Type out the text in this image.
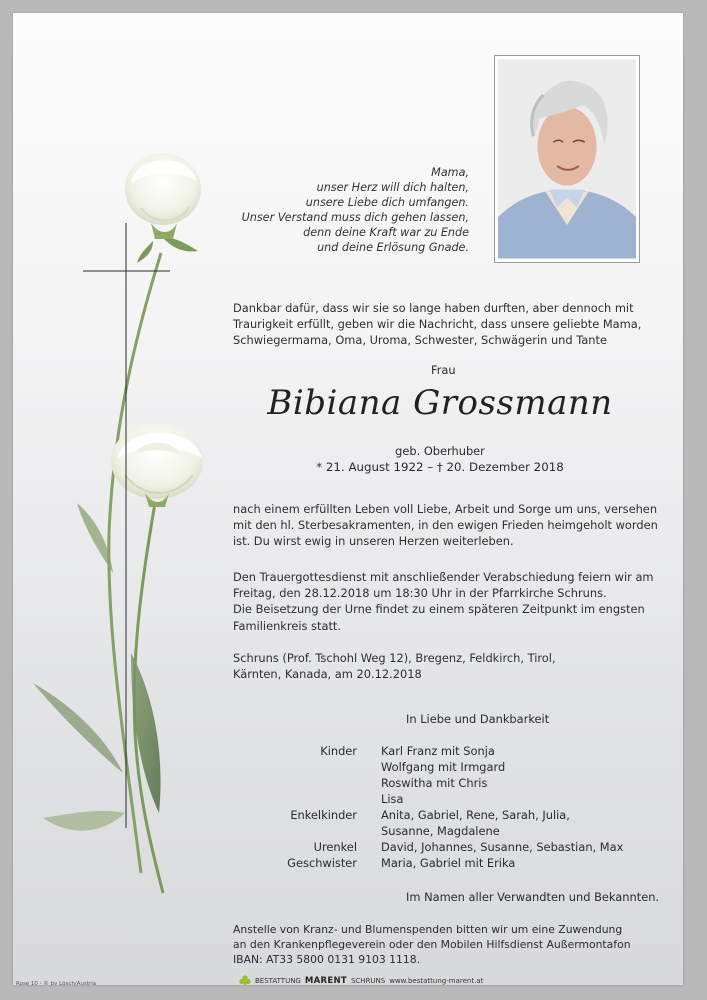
Mama,
unser Herz will dich halten,
unsere Liebe dich umfangen.
Unser Verstand muss dich gehen lassen,
denn deine Kraft war zu Ende
und deine Erlösung Gnade.
Dankbar dafür, dass wir sie so lange haben durften, aber dennoch mit
Traurigkeit erfüllt, geben wir die Nachricht, dass unsere geliebte Mama,
Schwiegermama, Oma, Uroma, Schwester, Schwägerin und Tante
Frau
Bibiana Grossmann
geb. Oberhuber
* 21. August 1922 – † 20. Dezember 2018
nach einem erfüllten Leben voll Liebe, Arbeit und Sorge um uns, versehen
mit den hl. Sterbesakramenten, in den ewigen Frieden heimgeholt worden
ist. Du wirst ewig in unseren Herzen weiterleben.
Den Trauergottesdienst mit anschließender Verabschiedung feiern wir am
Freitag, den 28.12.2018 um 18:30 Uhr in der Pfarrkirche Schruns.
Die Beisetzung der Urne findet zu einem späteren Zeitpunkt im engsten
Familienkreis statt.
Schruns (Prof. Tschohl Weg 12), Bregenz, Feldkirch, Tirol,
Kärnten, Kanada, am 20.12.2018
In Liebe und Dankbarkeit
Kinder	Karl Franz mit Sonja
Wolfgang mit Irmgard
Roswitha mit Chris
Lisa
Enkelkinder	Anita, Gabriel, Rene, Sarah, Julia,
Susanne, Magdalene
Urenkel	David, Johannes, Susanne, Sebastian, Max
Geschwister	Maria, Gabriel mit Erika
Im Namen aller Verwandten und Bekannten.
Anstelle von Kranz- und Blumenspenden bitten wir um eine Zuwendung
an den Krankenpflegeverein oder den Mobilen Hilfsdienst Außermontafon
IBAN: AT33 5800 0131 9103 1118.
Rose 10 - © by Lösch/Austria	BESTATTUNG MARENT SCHRUNS www.bestattung-marent.at
